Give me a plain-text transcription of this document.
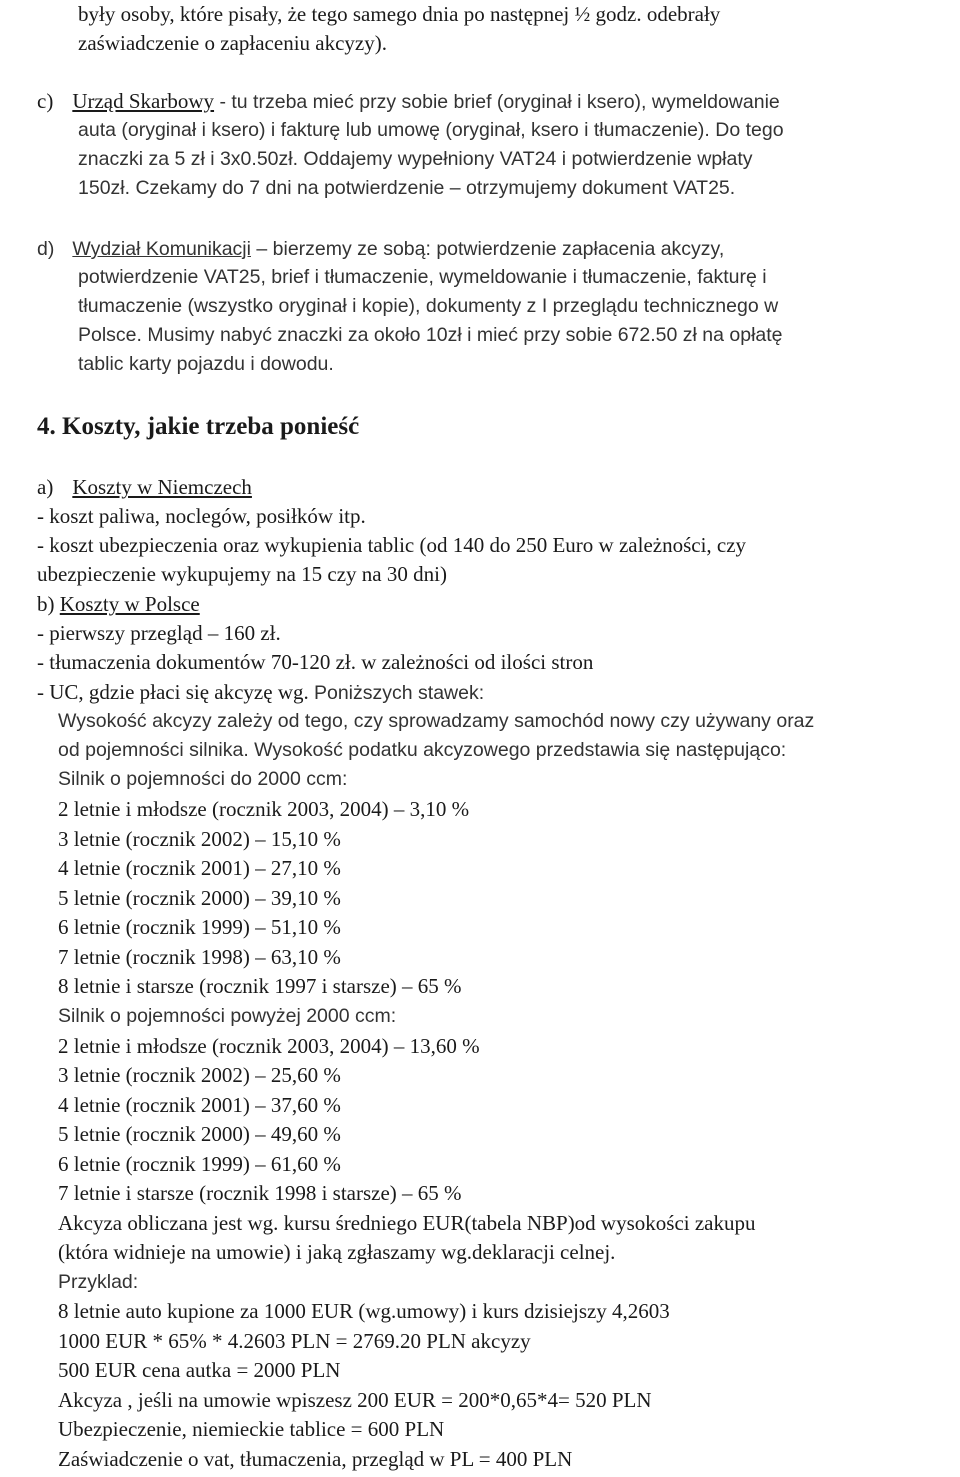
były osoby, które pisały, że tego samego dnia po następnej ½ godz. odebrały
zaświadczenie o zapłaceniu akcyzy).
c) Urząd Skarbowy - tu trzeba mieć przy sobie brief (oryginał i ksero), wymeldowanie
auta (oryginał i ksero) i fakturę lub umowę (oryginał, ksero i tłumaczenie). Do tego
znaczki za 5 zł i 3x0.50zł. Oddajemy wypełniony VAT24 i potwierdzenie wpłaty
150zł. Czekamy do 7 dni na potwierdzenie – otrzymujemy dokument VAT25.
d) Wydział Komunikacji – bierzemy ze sobą: potwierdzenie zapłacenia akcyzy,
potwierdzenie VAT25, brief i tłumaczenie, wymeldowanie i tłumaczenie, fakturę i
tłumaczenie (wszystko oryginał i kopie), dokumenty z I przeglądu technicznego w
Polsce. Musimy nabyć znaczki za około 10zł i mieć przy sobie 672.50 zł na opłatę
tablic karty pojazdu i dowodu.
4. Koszty, jakie trzeba ponieść
a) Koszty w Niemczech
- koszt paliwa, noclegów, posiłków itp.
- koszt ubezpieczenia oraz wykupienia tablic (od 140 do 250 Euro w zależności, czy
ubezpieczenie wykupujemy na 15 czy na 30 dni)
b) Koszty w Polsce
- pierwszy przegląd – 160 zł.
- tłumaczenia dokumentów 70-120 zł. w zależności od ilości stron
- UC, gdzie płaci się akcyzę wg. Poniższych stawek:
Wysokość akcyzy zależy od tego, czy sprowadzamy samochód nowy czy używany oraz
od pojemności silnika. Wysokość podatku akcyzowego przedstawia się następująco:
Silnik o pojemności do 2000 ccm:
2 letnie i młodsze (rocznik 2003, 2004) – 3,10 %
3 letnie (rocznik 2002) – 15,10 %
4 letnie (rocznik 2001) – 27,10 %
5 letnie (rocznik 2000) – 39,10 %
6 letnie (rocznik 1999) – 51,10 %
7 letnie (rocznik 1998) – 63,10 %
8 letnie i starsze (rocznik 1997 i starsze) – 65 %
Silnik o pojemności powyżej 2000 ccm:
2 letnie i młodsze (rocznik 2003, 2004) – 13,60 %
3 letnie (rocznik 2002) – 25,60 %
4 letnie (rocznik 2001) – 37,60 %
5 letnie (rocznik 2000) – 49,60 %
6 letnie (rocznik 1999) – 61,60 %
7 letnie i starsze (rocznik 1998 i starsze) – 65 %
Akcyza obliczana jest wg. kursu średniego EUR(tabela NBP)od wysokości zakupu
(która widnieje na umowie) i jaką zgłaszamy wg.deklaracji celnej.
Przyklad:
8 letnie auto kupione za 1000 EUR (wg.umowy) i kurs dzisiejszy 4,2603
1000 EUR * 65% * 4.2603 PLN = 2769.20 PLN akcyzy
500 EUR cena autka = 2000 PLN
Akcyza , jeśli na umowie wpiszesz 200 EUR = 200*0,65*4= 520 PLN
Ubezpieczenie, niemieckie tablice = 600 PLN
Zaświadczenie o vat, tłumaczenia, przegląd w PL = 400 PLN
